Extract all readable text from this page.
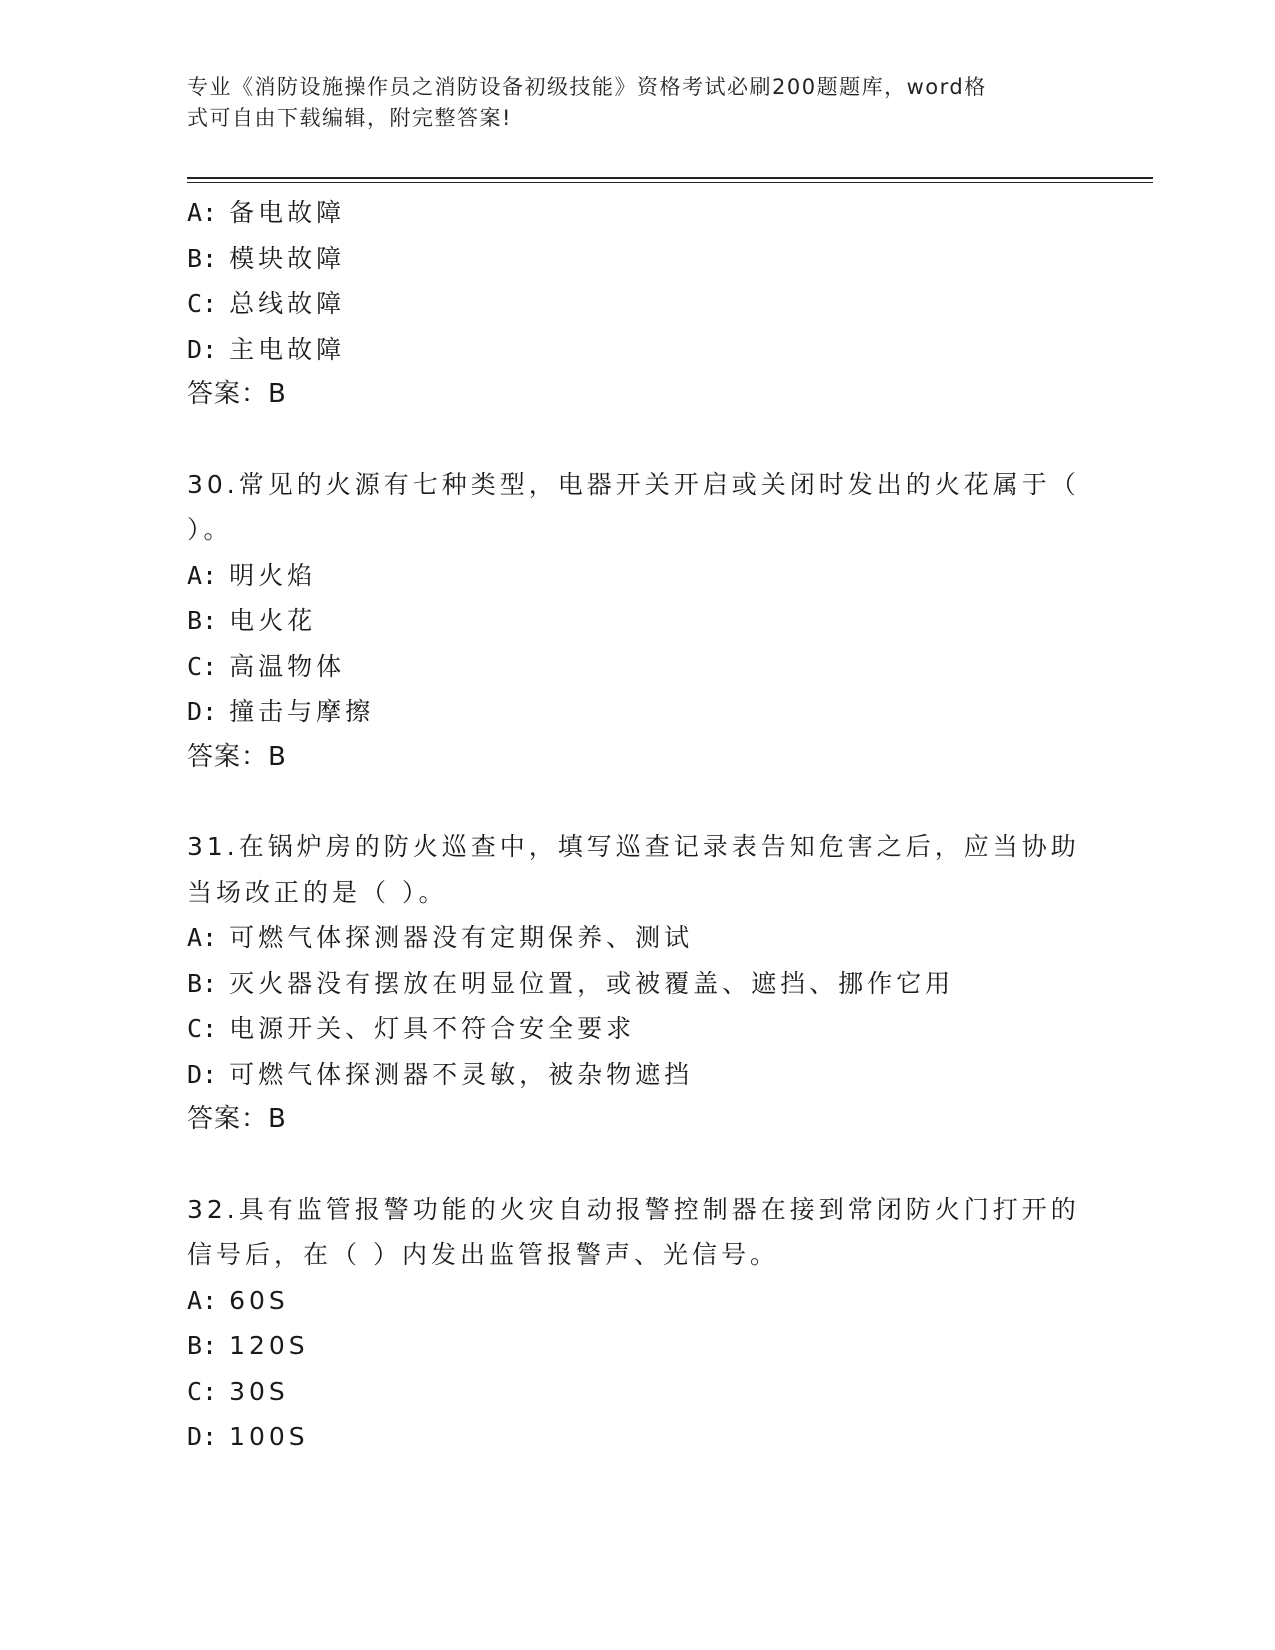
专业《消防设施操作员之消防设备初级技能》资格考试必刷200题题库，word格
式可自由下载编辑，附完整答案!
A: 备电故障
B: 模块故障
C: 总线故障
D: 主电故障
答案：B
30.常见的火源有七种类型，电器开关开启或关闭时发出的火花属于（
）。
A: 明火焰
B: 电火花
C: 高温物体
D: 撞击与摩擦
答案：B
31.在锅炉房的防火巡查中，填写巡查记录表告知危害之后，应当协助
当场改正的是（ ）。
A: 可燃气体探测器没有定期保养、测试
B: 灭火器没有摆放在明显位置，或被覆盖、遮挡、挪作它用
C: 电源开关、灯具不符合安全要求
D: 可燃气体探测器不灵敏，被杂物遮挡
答案：B
32.具有监管报警功能的火灾自动报警控制器在接到常闭防火门打开的
信号后，在（ ）内发出监管报警声、光信号。
A: 60S
B: 120S
C: 30S
D: 100S
